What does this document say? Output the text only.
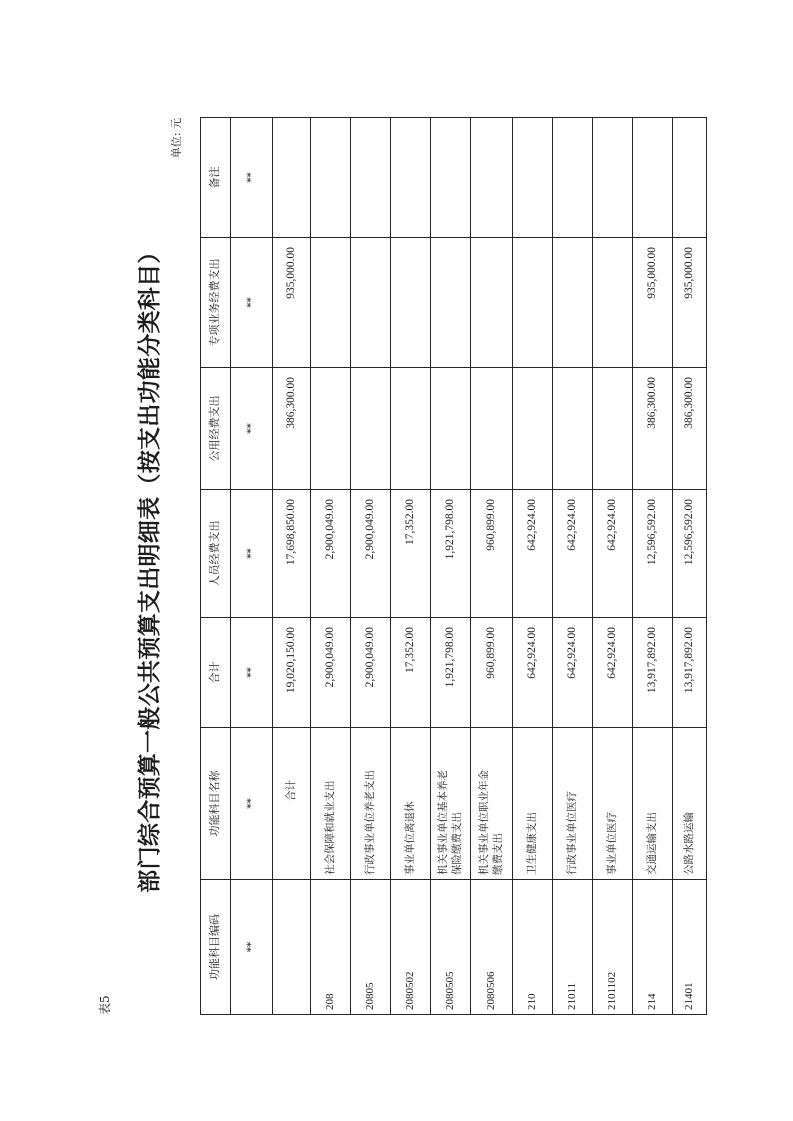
表5
部门综合预算一般公共预算支出明细表（按支出功能分类科目）
单位: 元
功能科目编码	功能科目名称	合计	人员经费支出	公用经费支出	专项业务经费支出	备注
**	**	**	**	**	**	**
	合计	19,020,150.00	17,698,850.00	386,300.00	935,000.00	
208	社会保障和就业支出	2,900,049.00	2,900,049.00			
20805	行政事业单位养老支出	2,900,049.00	2,900,049.00			
2080502	事业单位离退休	17,352.00	17,352.00			
2080505	机关事业单位基本养老保险缴费支出	1,921,798.00	1,921,798.00			
2080506	机关事业单位职业年金缴费支出	960,899.00	960,899.00			
210	卫生健康支出	642,924.00	642,924.00			
21011	行政事业单位医疗	642,924.00	642,924.00			
2101102	事业单位医疗	642,924.00	642,924.00			
214	交通运输支出	13,917,892.00	12,596,592.00	386,300.00	935,000.00	
21401	公路水路运输	13,917,892.00	12,596,592.00	386,300.00	935,000.00	
